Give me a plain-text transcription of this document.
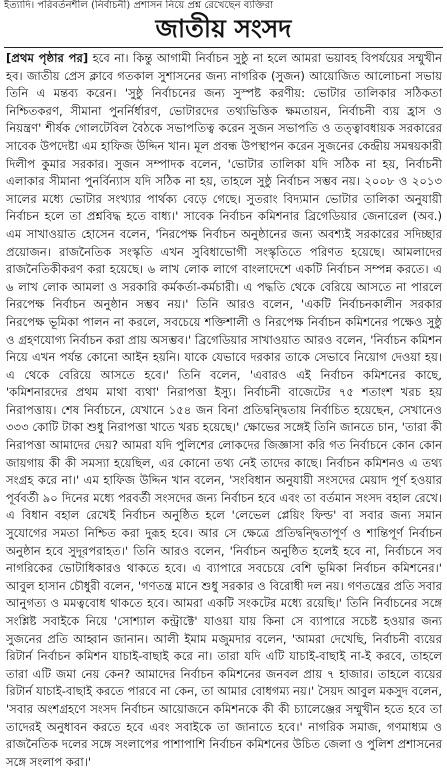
ইত্যাদি। পরিবর্তনশীল (নির্বাচনী) প্রশাসন নিয়ে প্রশ্ন রেখেছেন ব্যক্তিরা
জাতীয় সংসদ

[প্রথম পৃষ্ঠার পর] হবে না। কিন্তু আগামী নির্বাচন সুষ্ঠু না হলে আমরা ভয়াবহ বিপর্যয়ের সম্মুখীন হব। জাতীয় প্রেস ক্লাবে গতকাল সুশাসনের জন্য নাগরিক (সুজন) আয়োজিত আলোচনা সভায় তিনি এ মন্তব্য করেন। 'সুষ্ঠু নির্বাচনের জন্য সুস্পষ্ট করণীয়: ভোটার তালিকার সঠিকতা নিশ্চিতকরণ, সীমানা পুনর্নির্ধারণ, ভোটারদের তথ্যভিত্তিক ক্ষমতায়ন, নির্বাচনী ব্যয় হ্রাস ও নিয়ন্ত্রণ' শীর্ষক গোলটেবিল বৈঠকে সভাপতিত্ব করেন সুজন সভাপতি ও তত্ত্বাবধায়ক সরকারের সাবেক উপদেষ্টা এম হাফিজ উদ্দিন খান। মূল প্রবন্ধ উপস্থাপন করেন সুজনের কেন্দ্রীয় সমন্বয়কারী দিলীপ কুমার সরকার। সুজন সম্পাদক বলেন, 'ভোটার তালিকা যদি সঠিক না হয়, নির্বাচনী এলাকার সীমানা পুনর্বিন্যাস যদি সঠিক না হয়, তাহলে সুষ্ঠু নির্বাচন সম্ভব নয়। ২০০৮ ও ২০১৩ সালের মধ্যে ভোটার সংখ্যার পার্থক্য বেড়ে গেছে। সুতরাং বিদ্যমান ভোটার তালিকা অনুযায়ী নির্বাচন হলে তা প্রশ্নবিদ্ধ হতে বাধ্য।' সাবেক নির্বাচন কমিশনার ব্রিগেডিয়ার জেনারেল (অব.) এম সাখাওয়াত হোসেন বলেন, 'নিরপেক্ষ নির্বাচন অনুষ্ঠানের জন্য অবশ্যই সরকারের সদিচ্ছার প্রয়োজন। রাজনৈতিক সংস্কৃতি এখন সুবিধাভোগী সংস্কৃতিতে পরিণত হয়েছে। আমলাদের রাজনৈতিকীকরণ করা হয়েছে। ৬ লাখ লোক লাগে বাংলাদেশে একটি নির্বাচন সম্পন্ন করতে। এ ৬ লাখ লোক আমলা ও সরকারি কর্মকর্তা-কর্মচারী। এ পদ্ধতি থেকে বেরিয়ে আসতে না পারলে নিরপেক্ষ নির্বাচন অনুষ্ঠান সম্ভব নয়।' তিনি আরও বলেন, 'একটি নির্বাচনকালীন সরকার নিরপেক্ষ ভূমিকা পালন না করলে, সবচেয়ে শক্তিশালী ও নিরপেক্ষ নির্বাচন কমিশনের পক্ষেও সুষ্ঠু ও গ্রহণযোগ্য নির্বাচন করা প্রায় অসম্ভব।' ব্রিগেডিয়ার সাখাওয়াত আরও বলেন, 'নির্বাচন কমিশন নিয়ে এখন পর্যন্ত কোনো আইন হয়নি। যাকে যেভাবে দরকার তাকে সেভাবে নিয়োগ দেওয়া হয়। এ থেকে বেরিয়ে আসতে হবে।' তিনি বলেন, 'এবারও এই নির্বাচন কমিশনের কাছে, 'কমিশনারদের প্রথম মাথা ব্যথা' নিরাপত্তা ইস্যু। নির্বাচনী বাজেটের ৭৫ শতাংশ খরচ হয় নিরাপত্তায়। শেষ নির্বাচনে, যেখানে ১৫৪ জন বিনা প্রতিদ্বন্দ্বিতায় নির্বাচিত হয়েছেন, সেখানেও ৩৩৩ কোটি টাকা শুধু নিরাপত্তা খাতে খরচ হয়েছে।' ক্ষোভের সঙ্গেই তিনি জানতে চান, 'তারা কী নিরাপত্তা আমাদের দেয়? আমরা যদি পুলিশের লোকদের জিজ্ঞাসা করি গত নির্বাচনে কোন কোন জায়গায় কী কী সমস্যা হয়েছিল, এর কোনো তথ্য নেই তাদের কাছে। নির্বাচন কমিশনও এ তথ্য সংগ্রহ করে না।' এম হাফিজ উদ্দিন খান বলেন, 'সংবিধান অনুযায়ী সংসদের মেয়াদ পূর্ণ হওয়ার পূর্ববর্তী ৯০ দিনের মধ্যে পরবর্তী সংসদের জন্য নির্বাচন হবে এবং তা বর্তমান সংসদ বহাল রেখে। এ বিধান বহাল রেখেই নির্বাচন অনুষ্ঠিত হলে 'লেভেল প্লেয়িং ফিল্ড' বা সবার জন্য সমান সুযোগের সমতা নিশ্চিত করা দুরূহ হবে। আর সে ক্ষেত্রে প্রতিদ্বন্দ্বিতাপূর্ণ ও শান্তিপূর্ণ নির্বাচন অনুষ্ঠান হবে সুদূরপরাহত।' তিনি আরও বলেন, 'নির্বাচন অনুষ্ঠিত হলেই হবে না, নির্বাচনে সব নাগরিকের ভোটাধিকারও থাকতে হবে। এ ব্যাপারে সবচেয়ে বেশি ভূমিকা নির্বাচন কমিশনের।' আবুল হাসান চৌধুরী বলেন, 'গণতন্ত্র মানে শুধু সরকার ও বিরোধী দল নয়। গণতন্ত্রের প্রতি সবার আনুগত্য ও মমত্ববোধ থাকতে হবে। আমরা একটি সংকটের মধ্যে রয়েছি।' তিনি নির্বাচনের সঙ্গে সংশ্লিষ্ট সবাইকে নিয়ে 'সোশ্যাল কন্ট্রাক্টে' যাওয়া যায় কিনা সে ব্যাপারে সচেষ্ট হওয়ার জন্য সুজনের প্রতি আহ্বান জানান। আলী ইমাম মজুমদার বলেন, 'আমরা দেখেছি, নির্বাচনী ব্যয়ের রিটার্ন নির্বাচন কমিশন যাচাই-বাছাই করে না। তারা যদি এটি যাচাই-বাছাই না-ই করবে, তাহলে তারা এটি জমা নেয় কেন? আমাদের নির্বাচন কমিশনের জনবল প্রায় ৭ হাজার। তাহলে ব্যয়ের রিটার্ন যাচাই-বাছাই করতে পারবে না কেন, তা আমার বোধগম্য নয়।' সৈয়দ আবুল মকসুদ বলেন, 'সবার অংশগ্রহণে সংসদ নির্বাচন আয়োজনে কমিশনকে কী কী চ্যালেঞ্জের সম্মুখীন হতে হবে তা তাদেরই অনুধাবন করতে হবে এবং সবাইকে তা জানাতে হবে।' নাগরিক সমাজ, গণমাধ্যম ও রাজনৈতিক দলের সঙ্গে সংলাপের পাশাপাশি নির্বাচন কমিশনের উচিত জেলা ও পুলিশ প্রশাসনের সঙ্গে সংলাপ করা।'
